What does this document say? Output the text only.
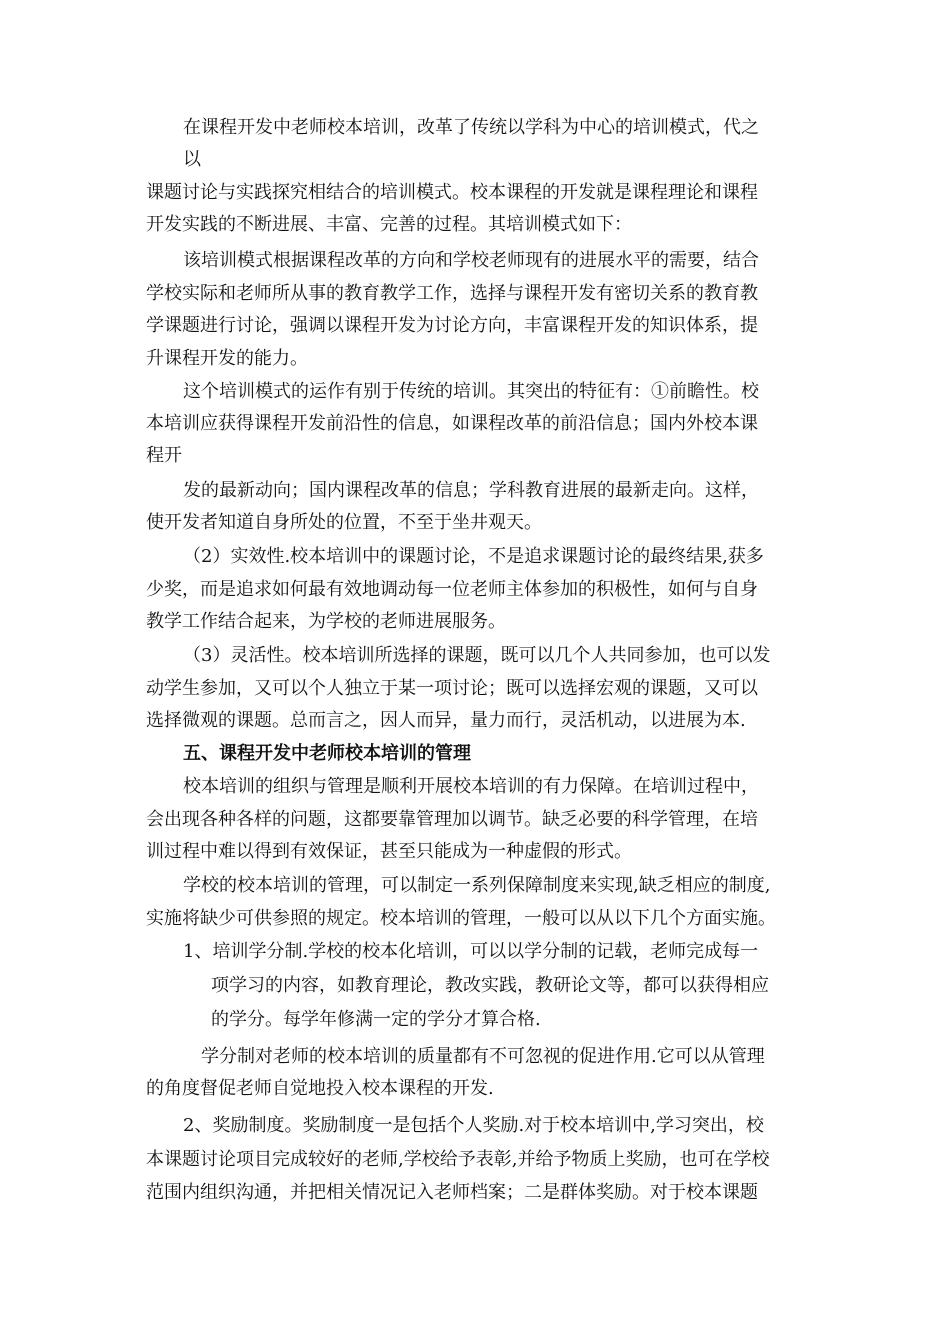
在课程开发中老师校本培训，改革了传统以学科为中心的培训模式，代之
以
课题讨论与实践探究相结合的培训模式。校本课程的开发就是课程理论和课程
开发实践的不断进展、丰富、完善的过程。其培训模式如下：
该培训模式根据课程改革的方向和学校老师现有的进展水平的需要，结合
学校实际和老师所从事的教育教学工作，选择与课程开发有密切关系的教育教
学课题进行讨论，强调以课程开发为讨论方向，丰富课程开发的知识体系，提
升课程开发的能力。
这个培训模式的运作有别于传统的培训。其突出的特征有：①前瞻性。校
本培训应获得课程开发前沿性的信息，如课程改革的前沿信息；国内外校本课
程开
发的最新动向；国内课程改革的信息；学科教育进展的最新走向。这样，
使开发者知道自身所处的位置，不至于坐井观天。
（2）实效性.校本培训中的课题讨论，不是追求课题讨论的最终结果,获多
少奖，而是追求如何最有效地调动每一位老师主体参加的积极性，如何与自身
教学工作结合起来，为学校的老师进展服务。
（3）灵活性。校本培训所选择的课题，既可以几个人共同参加，也可以发
动学生参加，又可以个人独立于某一项讨论；既可以选择宏观的课题，又可以
选择微观的课题。总而言之，因人而异，量力而行，灵活机动，以进展为本.
五、课程开发中老师校本培训的管理
校本培训的组织与管理是顺利开展校本培训的有力保障。在培训过程中，
会出现各种各样的问题，这都要靠管理加以调节。缺乏必要的科学管理，在培
训过程中难以得到有效保证，甚至只能成为一种虚假的形式。
学校的校本培训的管理，可以制定一系列保障制度来实现,缺乏相应的制度,
实施将缺少可供参照的规定。校本培训的管理，一般可以从以下几个方面实施。
1、培训学分制.学校的校本化培训，可以以学分制的记载，老师完成每一
项学习的内容，如教育理论，教改实践，教研论文等，都可以获得相应
的学分。每学年修满一定的学分才算合格.
学分制对老师的校本培训的质量都有不可忽视的促进作用.它可以从管理
的角度督促老师自觉地投入校本课程的开发.
2、奖励制度。奖励制度一是包括个人奖励.对于校本培训中,学习突出，校
本课题讨论项目完成较好的老师,学校给予表彰,并给予物质上奖励，也可在学校
范围内组织沟通，并把相关情况记入老师档案；二是群体奖励。对于校本课题
